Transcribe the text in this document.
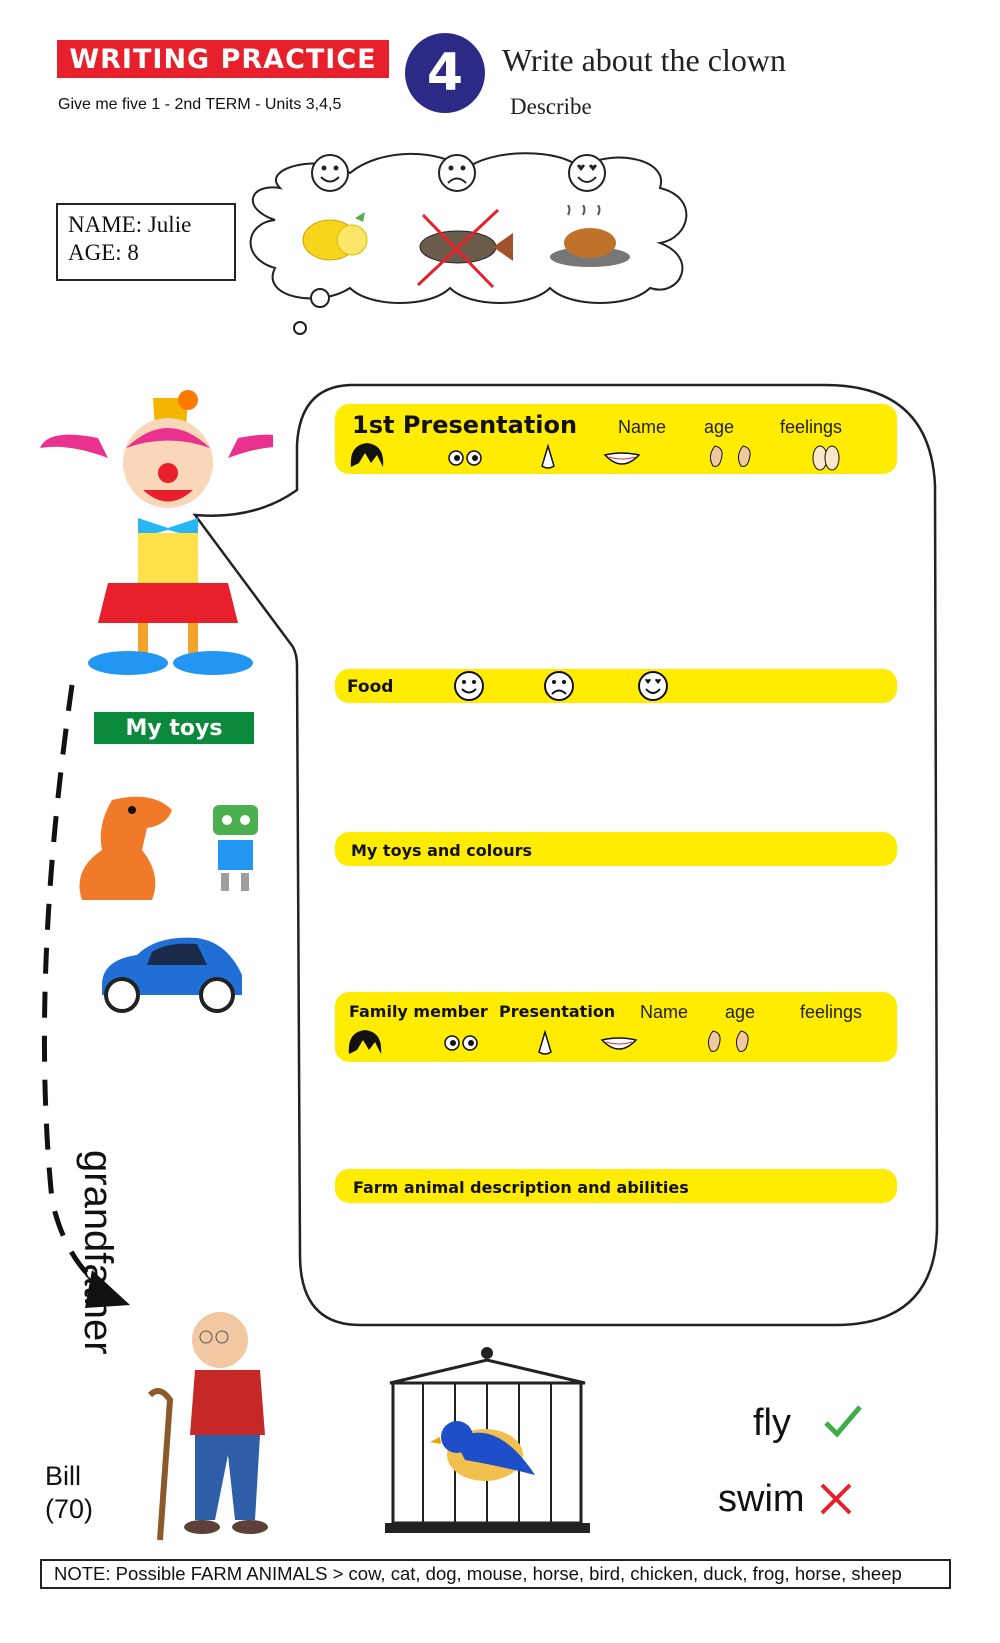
WRITING PRACTICE
Give me five 1 - 2nd TERM - Units 3,4,5
4	Write about the clown
Describe
NAME: Julie
AGE: 8
1st Presentation Name age	feelings
Food
My toys and colours
Family member Presentation Name age feelings
Farm animal description and abilities
My toys
grandfather
Bill
(70)
fly
swim
NOTE: Possible FARM ANIMALS > cow, cat, dog, mouse, horse, bird, chicken, duck, frog, horse, sheep
